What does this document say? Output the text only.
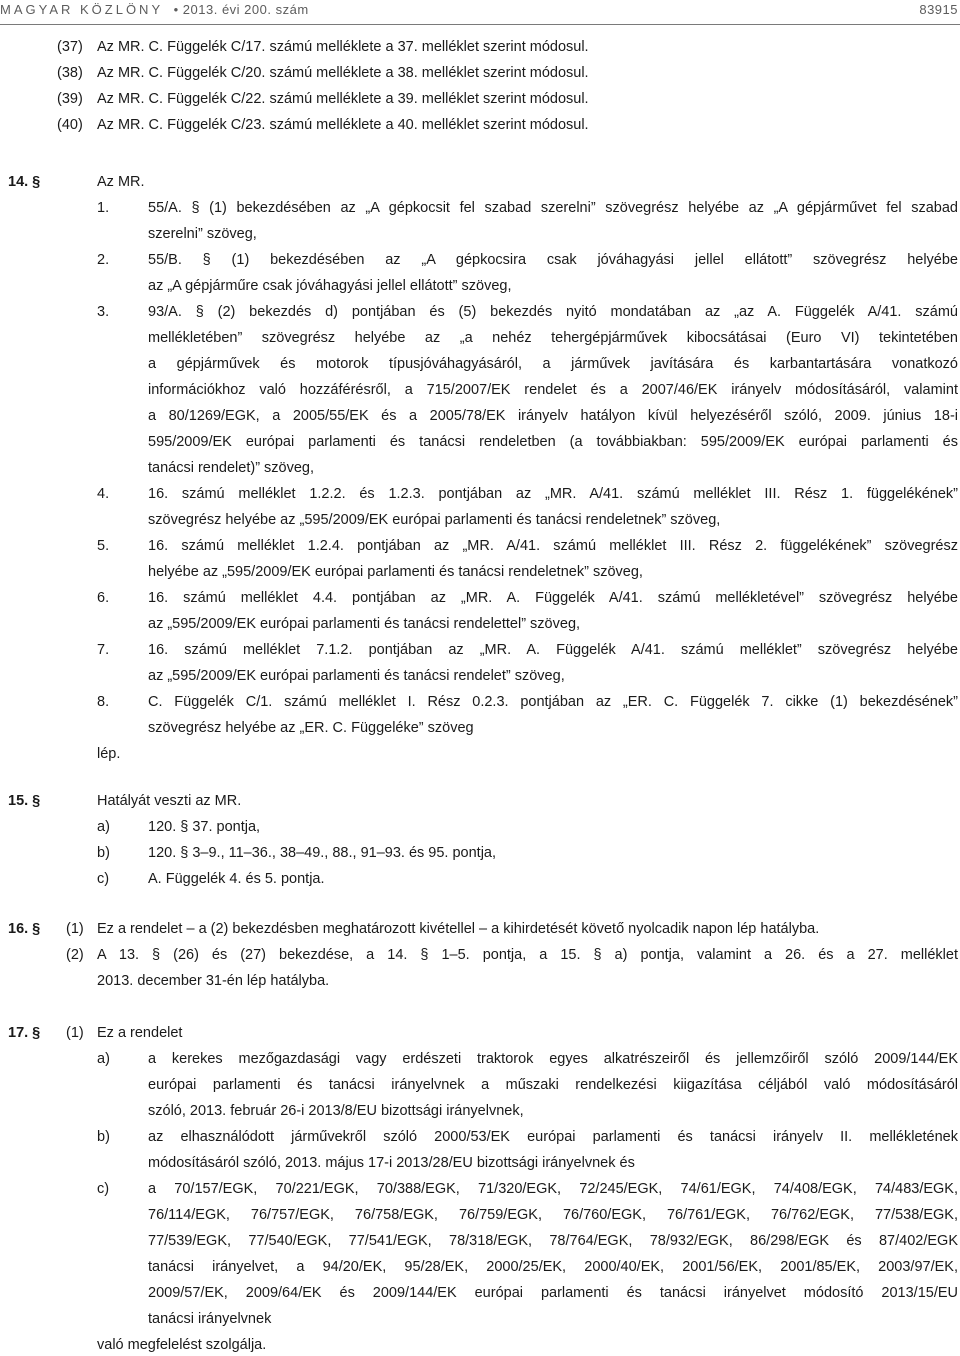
MAGYAR KÖZLÖNY  • 2013. évi 200. szám	83915
(37) Az MR. C. Függelék C/17. számú melléklete a 37. melléklet szerint módosul.
(38) Az MR. C. Függelék C/20. számú melléklete a 38. melléklet szerint módosul.
(39) Az MR. C. Függelék C/22. számú melléklete a 39. melléklet szerint módosul.
(40) Az MR. C. Függelék C/23. számú melléklete a 40. melléklet szerint módosul.
14. §	Az MR.
1.	55/A. § (1) bekezdésében az „A gépkocsit fel szabad szerelni” szövegrész helyébe az „A gépjárművet fel szabad
szerelni” szöveg,
2.	55/B. § (1) bekezdésében az „A gépkocsira csak jóváhagyási jellel ellátott” szövegrész helyébe
az „A gépjárműre csak jóváhagyási jellel ellátott” szöveg,
3.	93/A. § (2) bekezdés d) pontjában és (5) bekezdés nyitó mondatában az „az A. Függelék A/41. számú
mellékletében” szövegrész helyébe az „a nehéz tehergépjárművek kibocsátásai (Euro VI) tekintetében
a gépjárművek és motorok típusjóváhagyásáról, a járművek javítására és karbantartására vonatkozó
információkhoz való hozzáférésről, a 715/2007/EK rendelet és a 2007/46/EK irányelv módosításáról, valamint
a 80/1269/EGK, a 2005/55/EK és a 2005/78/EK irányelv hatályon kívül helyezéséről szóló, 2009. június 18-i
595/2009/EK európai parlamenti és tanácsi rendeletben (a továbbiakban: 595/2009/EK európai parlamenti és
tanácsi rendelet)” szöveg,
4.	16. számú melléklet 1.2.2. és 1.2.3. pontjában az „MR. A/41. számú melléklet III. Rész 1. függelékének”
szövegrész helyébe az „595/2009/EK európai parlamenti és tanácsi rendeletnek” szöveg,
5.	16. számú melléklet 1.2.4. pontjában az „MR. A/41. számú melléklet III. Rész 2. függelékének” szövegrész
helyébe az „595/2009/EK európai parlamenti és tanácsi rendeletnek” szöveg,
6.	16. számú melléklet 4.4. pontjában az „MR. A. Függelék A/41. számú mellékletével” szövegrész helyébe
az „595/2009/EK európai parlamenti és tanácsi rendelettel” szöveg,
7.	16. számú melléklet 7.1.2. pontjában az „MR. A. Függelék A/41. számú melléklet” szövegrész helyébe
az „595/2009/EK európai parlamenti és tanácsi rendelet” szöveg,
8.	C. Függelék C/1. számú melléklet I. Rész 0.2.3. pontjában az „ER. C. Függelék 7. cikke (1) bekezdésének”
szövegrész helyébe az „ER. C. Függeléke” szöveg
lép.
15. §	Hatályát veszti az MR.
a)	120. § 37. pontja,
b)	120. § 3–9., 11–36., 38–49., 88., 91–93. és 95. pontja,
c)	A. Függelék 4. és 5. pontja.
16. § (1) Ez a rendelet – a (2) bekezdésben meghatározott kivétellel – a kihirdetését követő nyolcadik napon lép hatályba.
(2) A 13. § (26) és (27) bekezdése, a 14. § 1–5. pontja, a 15. § a) pontja, valamint a 26. és a 27. melléklet
2013. december 31-én lép hatályba.
17. § (1) Ez a rendelet
a)	a kerekes mezőgazdasági vagy erdészeti traktorok egyes alkatrészeiről és jellemzőiről szóló 2009/144/EK
európai parlamenti és tanácsi irányelvnek a műszaki rendelkezési kiigazítása céljából való módosításáról
szóló, 2013. február 26-i 2013/8/EU bizottsági irányelvnek,
b)	az elhasználódott járművekről szóló 2000/53/EK európai parlamenti és tanácsi irányelv II. mellékletének
módosításáról szóló, 2013. május 17-i 2013/28/EU bizottsági irányelvnek és
c)	a 70/157/EGK, 70/221/EGK, 70/388/EGK, 71/320/EGK, 72/245/EGK, 74/61/EGK, 74/408/EGK, 74/483/EGK,
76/114/EGK, 76/757/EGK, 76/758/EGK, 76/759/EGK, 76/760/EGK, 76/761/EGK, 76/762/EGK, 77/538/EGK,
77/539/EGK, 77/540/EGK, 77/541/EGK, 78/318/EGK, 78/764/EGK, 78/932/EGK, 86/298/EGK és 87/402/EGK
tanácsi irányelvet, a 94/20/EK, 95/28/EK, 2000/25/EK, 2000/40/EK, 2001/56/EK, 2001/85/EK, 2003/97/EK,
2009/57/EK, 2009/64/EK és 2009/144/EK európai parlamenti és tanácsi irányelvet módosító 2013/15/EU
tanácsi irányelvnek
való megfelelést szolgálja.
